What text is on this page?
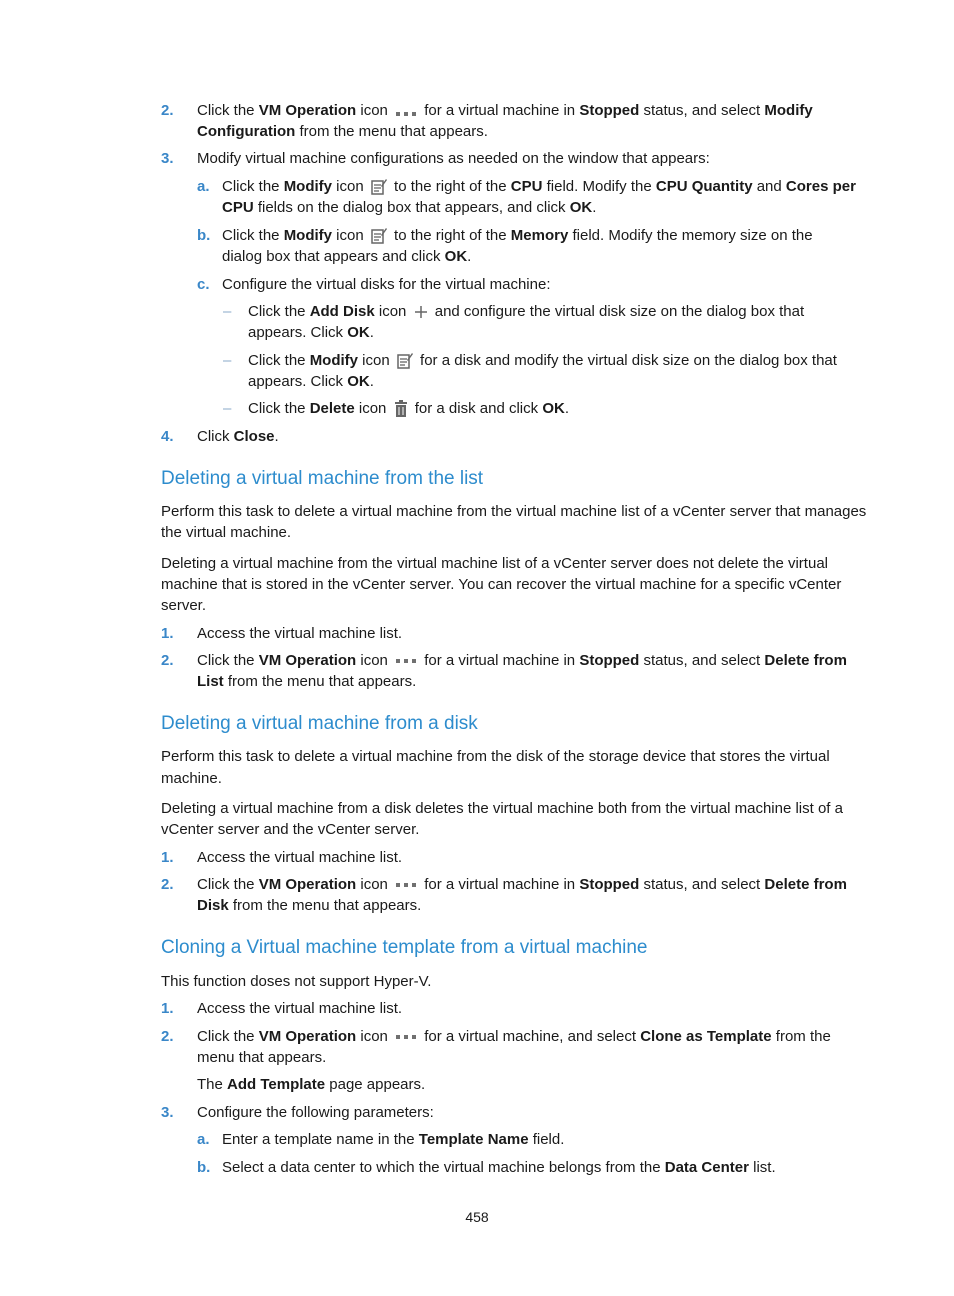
2. Click the VM Operation icon for a virtual machine in Stopped status, and select Modify
Configuration from the menu that appears.
3. Modify virtual machine configurations as needed on the window that appears:
a. Click the Modify icon to the right of the CPU field. Modify the CPU Quantity and Cores per
CPU fields on the dialog box that appears, and click OK.
b. Click the Modify icon to the right of the Memory field. Modify the memory size on the
dialog box that appears and click OK.
c. Configure the virtual disks for the virtual machine:
– Click the Add Disk icon and configure the virtual disk size on the dialog box that
appears. Click OK.
– Click the Modify icon for a disk and modify the virtual disk size on the dialog box that
appears. Click OK.
– Click the Delete icon for a disk and click OK.
4. Click Close.
Deleting a virtual machine from the list
Perform this task to delete a virtual machine from the virtual machine list of a vCenter server that manages
the virtual machine.
Deleting a virtual machine from the virtual machine list of a vCenter server does not delete the virtual
machine that is stored in the vCenter server. You can recover the virtual machine for a specific vCenter
server.
1. Access the virtual machine list.
2. Click the VM Operation icon for a virtual machine in Stopped status, and select Delete from
List from the menu that appears.
Deleting a virtual machine from a disk
Perform this task to delete a virtual machine from the disk of the storage device that stores the virtual
machine.
Deleting a virtual machine from a disk deletes the virtual machine both from the virtual machine list of a
vCenter server and the vCenter server.
1. Access the virtual machine list.
2. Click the VM Operation icon for a virtual machine in Stopped status, and select Delete from
Disk from the menu that appears.
Cloning a Virtual machine template from a virtual machine
This function doses not support Hyper-V.
1. Access the virtual machine list.
2. Click the VM Operation icon for a virtual machine, and select Clone as Template from the
menu that appears.
The Add Template page appears.
3. Configure the following parameters:
a. Enter a template name in the Template Name field.
b. Select a data center to which the virtual machine belongs from the Data Center list.
458
